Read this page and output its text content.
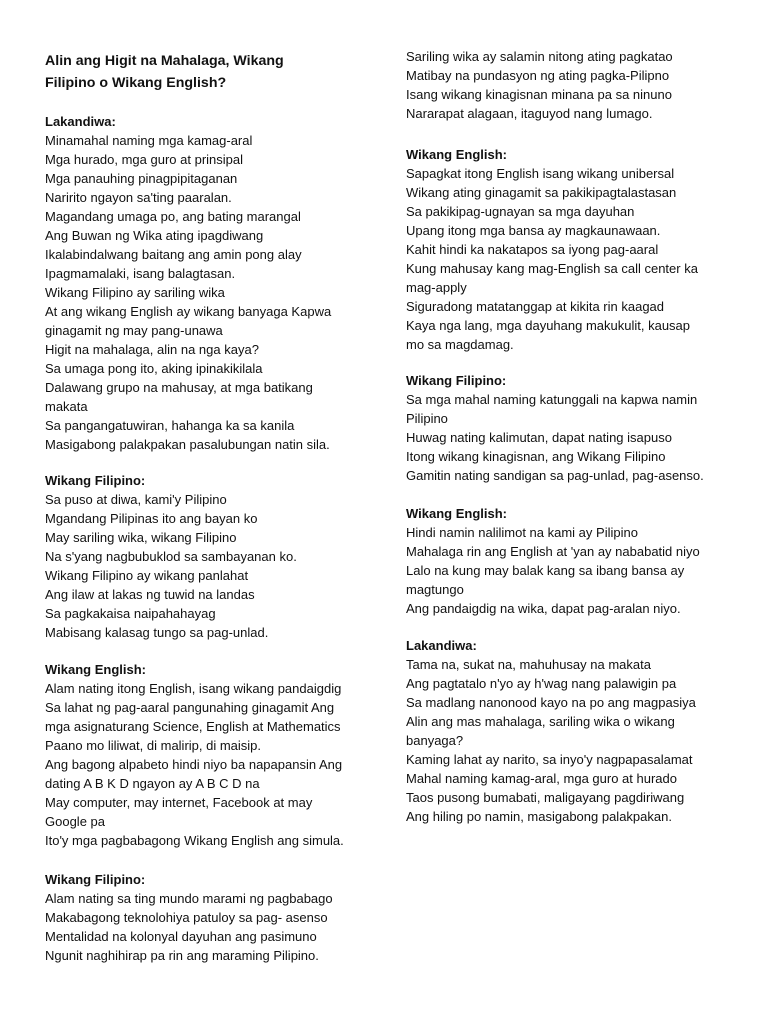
Alin ang Higit na Mahalaga, Wikang
Filipino o Wikang English?

Lakandiwa:

Minamahal naming mga kamag-aral

Mga hurado, mga guro at prinsipal

Mga panauhing pinagpipitaganan

Naririto ngayon sa'ting paaralan.

Magandang umaga po, ang bating marangal

Ang Buwan ng Wika ating ipagdiwang

Ikalabindalwang baitang ang amin pong alay

Ipagmamalaki, isang balagtasan.

Wikang Filipino ay sariling wika

At ang wikang English ay wikang banyaga Kapwa

ginagamit ng may pang-unawa

Higit na mahalaga, alin na nga kaya?

Sa umaga pong ito, aking ipinakikilala

Dalawang grupo na mahusay, at mga batikang

makata

Sa pangangatuwiran, hahanga ka sa kanila

Masigabong palakpakan pasalubungan natin sila.

Wikang Filipino:

Sa puso at diwa, kami'y Pilipino

Mgandang Pilipinas ito ang bayan ko

May sariling wika, wikang Filipino

Na s'yang nagbubuklod sa sambayanan ko.

Wikang Filipino ay wikang panlahat

Ang ilaw at lakas ng tuwid na landas

Sa pagkakaisa naipahahayag

Mabisang kalasag tungo sa pag-unlad.

Wikang English:

Alam nating itong English, isang wikang pandaigdig

Sa lahat ng pag-aaral pangunahing ginagamit Ang

mga asignaturang Science, English at Mathematics

Paano mo liliwat, di malirip, di maisip.

Ang bagong alpabeto hindi niyo ba napapansin Ang

dating A B K D ngayon ay A B C D na

May computer, may internet, Facebook at may

Google pa

Ito'y mga pagbabagong Wikang English ang simula.

Wikang Filipino:

Alam nating sa ting mundo marami ng pagbabago

Makabagong teknolohiya patuloy sa pag- asenso

Mentalidad na kolonyal dayuhan ang pasimuno

Ngunit naghihirap pa rin ang maraming Pilipino.

Sariling wika ay salamin nitong ating pagkatao

Matibay na pundasyon ng ating pagka-Pilipno

Isang wikang kinagisnan minana pa sa ninuno

Nararapat alagaan, itaguyod nang lumago.

Wikang English:

Sapagkat itong English isang wikang unibersal

Wikang ating ginagamit sa pakikipagtalastasan

Sa pakikipag-ugnayan sa mga dayuhan

Upang itong mga bansa ay magkaunawaan.

Kahit hindi ka nakatapos sa iyong pag-aaral

Kung mahusay kang mag-English sa call center ka

mag-apply

Siguradong matatanggap at kikita rin kaagad

Kaya nga lang, mga dayuhang makukulit, kausap

mo sa magdamag.

Wikang Filipino:

Sa mga mahal naming katunggali na kapwa namin

Pilipino

Huwag nating kalimutan, dapat nating isapuso

Itong wikang kinagisnan, ang Wikang Filipino

Gamitin nating sandigan sa pag-unlad, pag-asenso.

Wikang English:

Hindi namin nalilimot na kami ay Pilipino

Mahalaga rin ang English at 'yan ay nababatid niyo

Lalo na kung may balak kang sa ibang bansa ay

magtungo

Ang pandaigdig na wika, dapat pag-aralan niyo.

Lakandiwa:

Tama na, sukat na, mahuhusay na makata

Ang pagtatalo n'yo ay h'wag nang palawigin pa

Sa madlang nanonood kayo na po ang magpasiya

Alin ang mas mahalaga, sariling wika o wikang

banyaga?

Kaming lahat ay narito, sa inyo'y nagpapasalamat

Mahal naming kamag-aral, mga guro at hurado

Taos pusong bumabati, maligayang pagdiriwang

Ang hiling po namin, masigabong palakpakan.
